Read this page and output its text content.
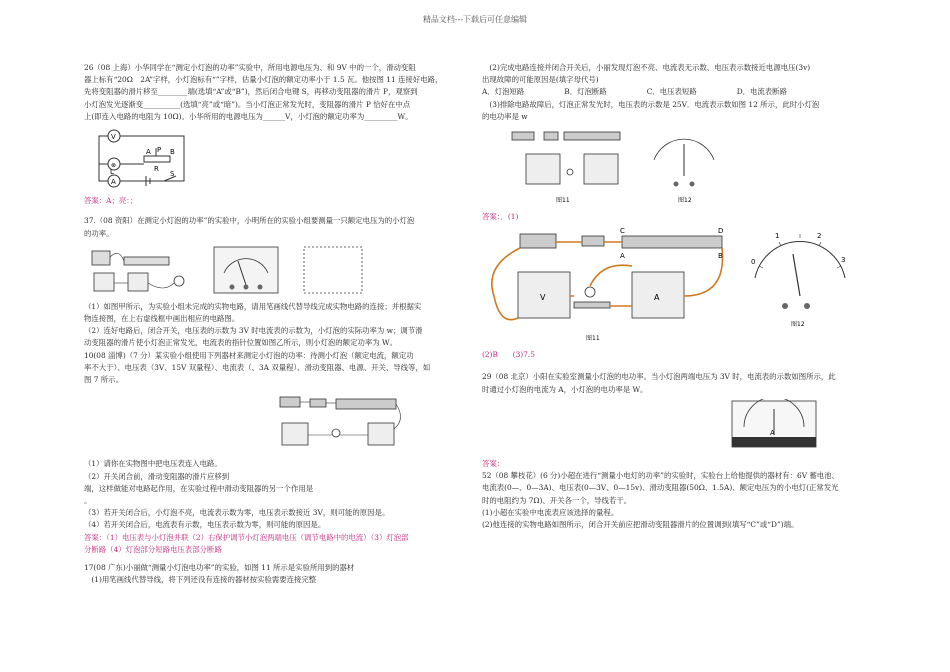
精品文档---下载后可任意编辑

26（08 上海）小华同学在“测定小灯泡的功率”实验中，所用电源电压为、和 9V 中的一个，滑动变阻

器上标有“20Ω　2A”字样，小灯泡标有“”字样，估量小灯泡的额定功率小于 1.5 瓦。他按图 11 连接好电路，

先将变阻器的滑片移至________端(选填“A”或“B”)，然后闭合电键 S，再移动变阻器的滑片 P，观察到

小灯泡发光逐渐变__________(选填“亮”或“暗”)。当小灯泡正常发光时，变阻器的滑片 P 恰好在中点

上(即连入电路的电阻为 10Ω)。小华所用的电源电压为______V，小灯泡的额定功率为_________W。

V
⊗
A
L
A P B
R
S

答案：A；亮：；

37.（08 资阳）在测定小灯泡的功率”的实验中，小明所在的实验小组要测量一只额定电压为的小灯泡

的功率。

（1）如图甲所示，为实验小组未完成的实物电路，请用笔画线代替导线完成实物电路的连接；并根据实

物连接图，在上右虚线框中画出相应的电路图。

（2）连好电路后，闭合开关，电压表的示数为 3V 时电流表的示数为，小灯泡的实际功率为 w；调节滑

动变阻器的滑片使小灯泡正常发光，电流表的指针位置如图乙所示，则小灯泡的额定功率为 W。

10(08 淄博)（7 分）某实验小组使用下列器材来测定小灯泡的功率：待测小灯泡（额定电流，额定功

率不大于）、电压表（3V、15V 双量程）、电流表（、3A 双量程）、滑动变阻器、电源、开关、导线等，如

图 7 所示。

（1）请你在实物图中把电压表连入电路。

（2）开关闭合前，滑动变阻器的滑片应移到

端，这样做能对电路起作用，在实验过程中滑动变阻器的另一个作用是

。

（3）若开关闭合后，小灯泡不亮，电流表示数为零，电压表示数接近 3V，则可能的原因是。

（4）若开关闭合后，电流表有示数，电压表示数为零，则可能的原因是。

答案：（1）电压表与小灯泡并联（2）右保护调节小灯泡两端电压（调节电路中的电流）（3）灯泡部

分断路（4）灯泡部分短路电压表部分断路

17(08 广东)小丽做“测量小灯泡电功率”的实验，如图 11 所示是实验所用到的器材

　(1)用笔画线代替导线，将下列还没有连接的器材按实验需要连接完整

　(2)完成电路连接并闭合开关后，小丽发现灯泡不亮、电流表无示数、电压表示数接近电源电压(3v)

出现故障的可能原因是(填字母代号)

A．灯泡短路	B．灯泡断路	C．电压表短路	D．电流表断路

　(3)排除电路故障后，灯泡正常发光时，电压表的示数是 25V．电流表示数如图 12 所示，此时小灯泡

的电功率是 w

图11	图12

答案：．(1)

C	D
A	B
V	A
图11
1	2
3
0
图12

(2)B　　(3)7.5

29（08 北京）小阳在实验室测量小灯泡的电功率。当小灯泡两端电压为 3V 时，电流表的示数如图所示，此

时通过小灯泡的电流为 A，小灯泡的电功率是 W。

A

答案：

52（08 攀枝花）(6 分)小超在进行“测量小电灯的功率”的实验时，实验台上给他提供的器材有：6V 蓄电池、

电流表(0—、0—3A)、电压表(0—3V、0—15v)、滑动变阻器(50Ω、1.5A)、额定电压为的小电灯(正常发光

时的电阻约为 7Ω)、开关各一个，导线若干。

(1)小超在实验中电流表应该选择的量程。

(2)他连接的实物电路如图所示，闭合开关前应把滑动变阻器滑片的位置调到(填写“C”或“D”)端。
